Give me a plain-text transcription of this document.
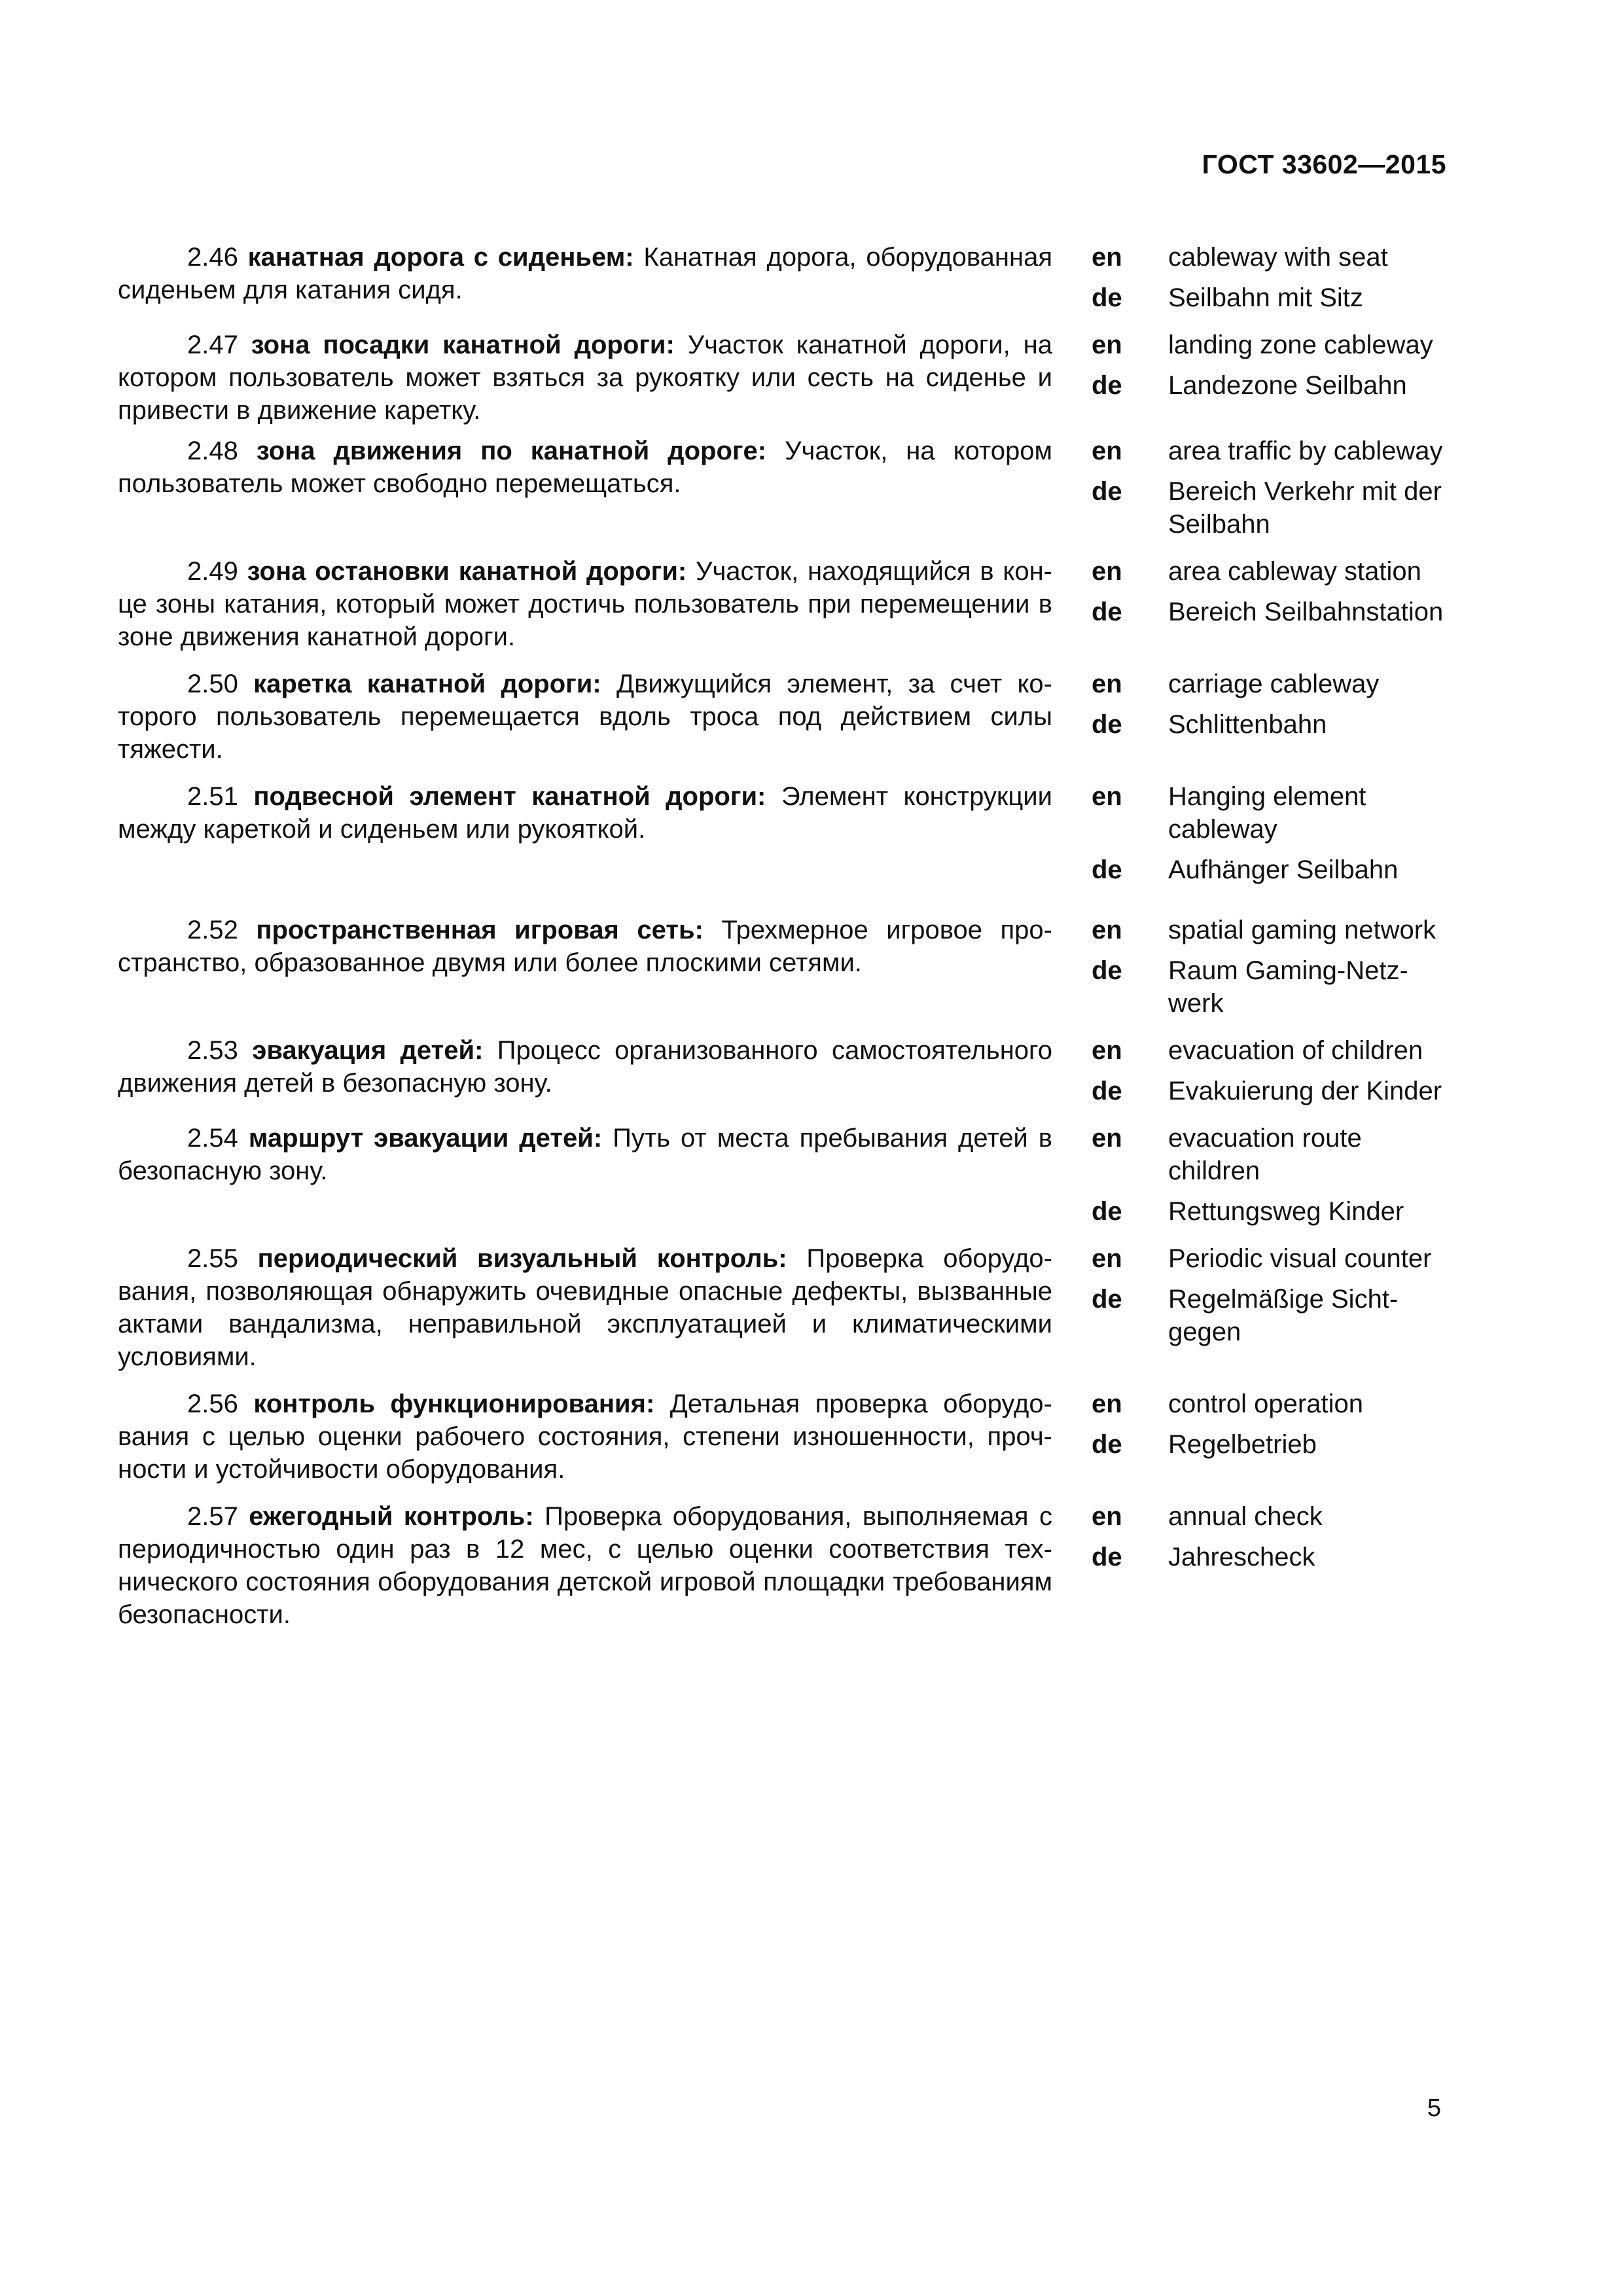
ГОСТ 33602—2015
2.46 канатная дорога с сиденьем: Канатная дорога, оборудованная сиденьем для катания сидя.
en	cableway with seat
de	Seilbahn mit Sitz
2.47 зона посадки канатной дороги: Участок канатной дороги, на котором пользователь может взяться за рукоятку или сесть на сиденье и привести в движение каретку.
en	landing zone cableway
de	Landezone Seilbahn
2.48 зона движения по канатной дороге: Участок, на котором пользователь может свободно перемещаться.
en	area traffic by cableway
de	Bereich Verkehr mit der Seilbahn
2.49 зона остановки канатной дороги: Участок, находящийся в конце зоны катания, который может достичь пользователь при перемещении в зоне движения канатной дороги.
en	area cableway station
de	Bereich Seilbahnstation
2.50 каретка канатной дороги: Движущийся элемент, за счет которого пользователь перемещается вдоль троса под действием силы тяжести.
en	carriage cableway
de	Schlittenbahn
2.51 подвесной элемент канатной дороги: Элемент конструкции между кареткой и сиденьем или рукояткой.
en	Hanging element cableway
de	Aufhänger Seilbahn
2.52 пространственная игровая сеть: Трехмерное игровое пространство, образованное двумя или более плоскими сетями.
en	spatial gaming network
de	Raum Gaming-Netzwerk
2.53 эвакуация детей: Процесс организованного самостоятельного движения детей в безопасную зону.
en	evacuation of children
de	Evakuierung der Kinder
2.54 маршрут эвакуации детей: Путь от места пребывания детей в безопасную зону.
en	evacuation route children
de	Rettungsweg Kinder
2.55 периодический визуальный контроль: Проверка оборудования, позволяющая обнаружить очевидные опасные дефекты, вызванные актами вандализма, неправильной эксплуатацией и климатическими условиями.
en	Periodic visual counter
de	Regelmäßige Sichtgegen
2.56 контроль функционирования: Детальная проверка оборудования с целью оценки рабочего состояния, степени изношенности, прочности и устойчивости оборудования.
en	control operation
de	Regelbetrieb
2.57 ежегодный контроль: Проверка оборудования, выполняемая с периодичностью один раз в 12 мес, с целью оценки соответствия технического состояния оборудования детской игровой площадки требованиям безопасности.
en	annual check
de	Jahrescheck
5
